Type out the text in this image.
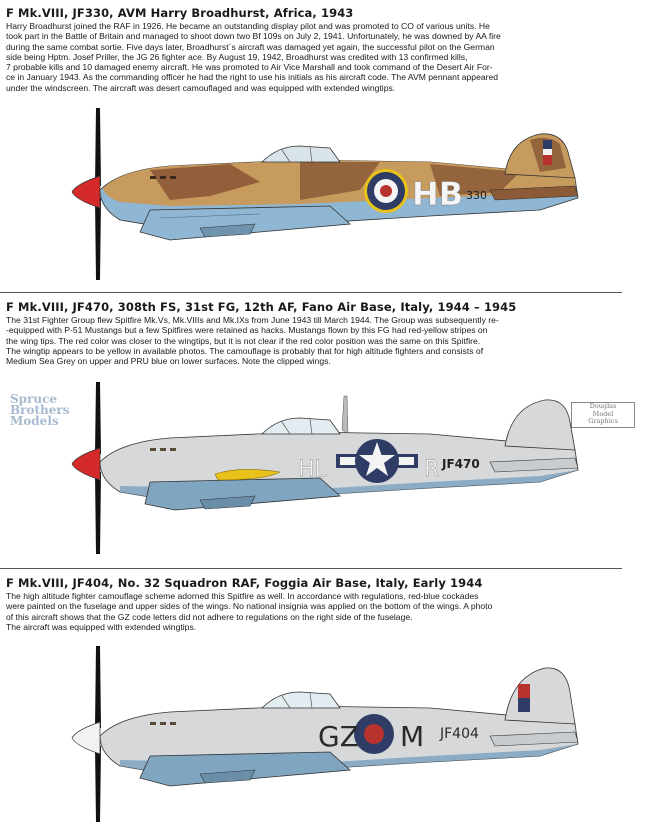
F Mk.VIII, JF330, AVM Harry Broadhurst, Africa, 1943
Harry Broadhurst joined the RAF in 1926. He became an outstanding display pilot and was promoted to CO of various units. He
took part in the Battle of Britain and managed to shoot down two Bf 109s on July 2, 1941. Unfortunately, he was downed by AA fire
during the same combat sortie. Five days later, Broadhurst´s aircraft was damaged yet again, the successful pilot on the German
side being Hptm. Josef Priller, the JG 26 fighter ace. By August 19, 1942, Broadhurst was credited with 13 confirmed kills,
7 probable kills and 10 damaged enemy aircraft. He was promoted to Air Vice Marshall and took command of the Desert Air For-
ce in January 1943. As the commanding officer he had the right to use his initials as his aircraft code. The AVM pennant appeared
under the windscreen. The aircraft was desert camouflaged and was equipped with extended wingtips.
HB 330
F Mk.VIII, JF470, 308th FS, 31st FG, 12th AF, Fano Air Base, Italy, 1944 – 1945
The 31st Fighter Group flew Spitfire Mk.Vs, Mk.VIIIs and Mk.IXs from June 1943 till March 1944. The Group was subsequently re-
-equipped with P-51 Mustangs but a few Spitfires were retained as hacks. Mustangs flown by this FG had red-yellow stripes on
the wing tips. The red color was closer to the wingtips, but it is not clear if the red color position was the same on this Spitfire.
The wingtip appears to be yellow in available photos. The camouflage is probably that for high altitude fighters and consists of
Medium Sea Grey on upper and PRU blue on lower surfaces. Note the clipped wings.
Spruce
Brothers
Models
Douglas
Model
Graphics
HL	R JF470
F Mk.VIII, JF404, No. 32 Squadron RAF, Foggia Air Base, Italy, Early 1944
The high altitude fighter camouflage scheme adorned this Spitfire as well. In accordance with regulations, red-blue cockades
were painted on the fuselage and upper sides of the wings. No national insignia was applied on the bottom of the wings. A photo
of this aircraft shows that the GZ code letters did not adhere to regulations on the right side of the fuselage.
The aircraft was equipped with extended wingtips.
GZ M JF404
